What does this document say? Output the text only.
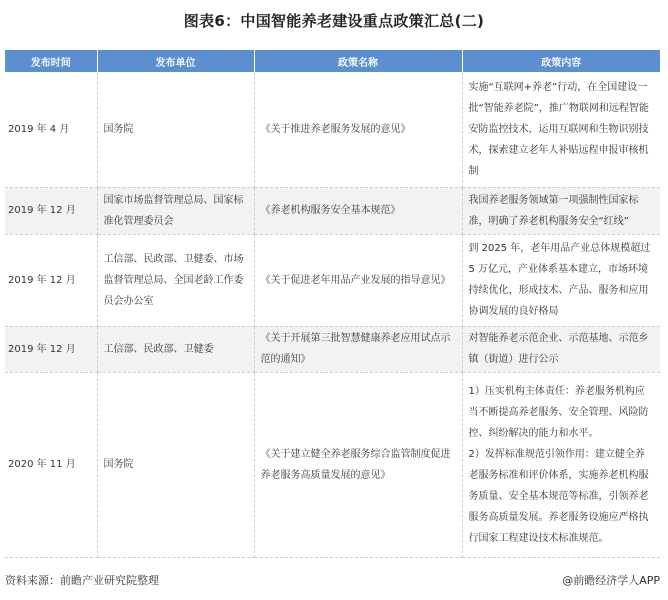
图表6：中国智能养老建设重点政策汇总(二)
发布时间	发布单位	政策名称	政策内容
2019 年 4 月	国务院	《关于推进养老服务发展的意见》	实施“互联网+养老”行动，在全国建设一批“智能养老院”，推广物联网和远程智能安防监控技术，运用互联网和生物识别技术，探索建立老年人补贴远程申报审核机制

2019 年 12 月	国家市场监督管理总局、国家标准化管理委员会	《养老机构服务安全基本规范》	我国养老服务领域第一项强制性国家标准，明确了养老机构服务安全“红线”

2019 年 12 月	工信部、民政部、卫健委、市场监督管理总局、全国老龄工作委员会办公室	《关于促进老年用品产业发展的指导意见》	到 2025 年，老年用品产业总体规模超过 5 万亿元，产业体系基本建立，市场环境持续优化，形成技术、产品、服务和应用协调发展的良好格局

2019 年 12 月	工信部、民政部、卫健委	《关于开展第三批智慧健康养老应用试点示范的通知》	对智能养老示范企业、示范基地、示范乡镇（街道）进行公示

2020 年 11 月	国务院	《关于建立健全养老服务综合监管制度促进养老服务高质量发展的意见》	1）压实机构主体责任：养老服务机构应当不断提高养老服务、安全管理、风险防控、纠纷解决的能力和水平。
2）发挥标准规范引领作用：建立健全养老服务标准和评价体系，实施养老机构服务质量、安全基本规范等标准，引领养老服务高质量发展。养老服务设施应严格执行国家工程建设技术标准规范。
资料来源：前瞻产业研究院整理	@前瞻经济学人APP
